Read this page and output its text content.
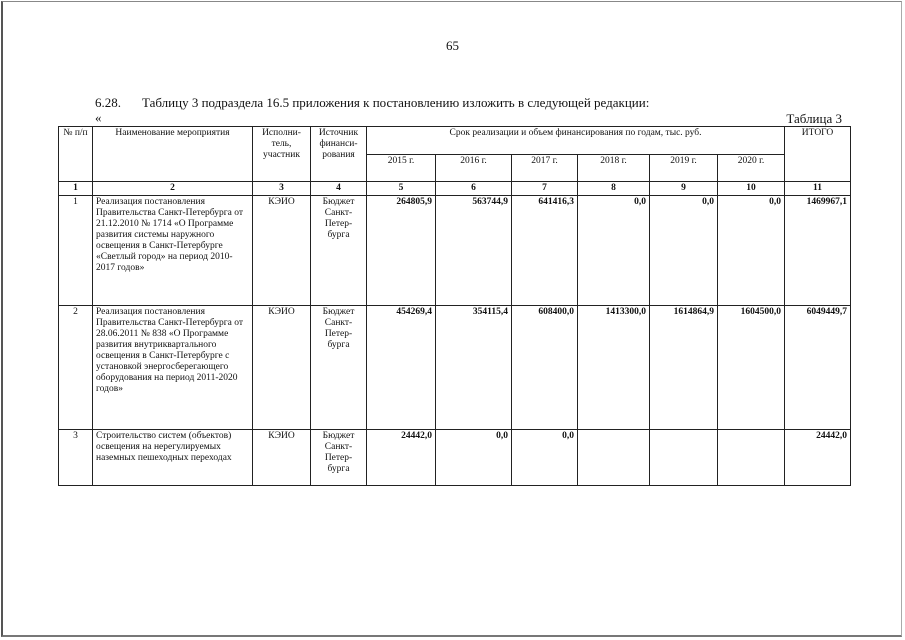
65
6.28. Таблицу 3 подраздела 16.5 приложения к постановлению изложить в следующей редакции:
«	Таблица 3
№ п/п	Наименование мероприятия	Исполни-тель, участник	Источник финанси-рования	Срок реализации и объем финансирования по годам, тыс. руб.						ИТОГО
				2015 г.	2016 г.	2017 г.	2018 г.	2019 г.	2020 г.	
1	2	3	4	5	6	7	8	9	10	11
1	Реализация постановления Правительства Санкт-Петербурга от 21.12.2010 № 1714 «О Программе развития системы наружного освещения в Санкт-Петербурге «Светлый город» на период 2010-2017 годов»	КЭИО	Бюджет Санкт-Петер-бурга	264805,9	563744,9	641416,3	0,0	0,0	0,0	1469967,1
2	Реализация постановления Правительства Санкт-Петербурга от 28.06.2011 № 838 «О Программе развития внутриквартального освещения в Санкт-Петербурге с установкой энергосберегающего оборудования на период 2011-2020 годов»	КЭИО	Бюджет Санкт-Петер-бурга	454269,4	354115,4	608400,0	1413300,0	1614864,9	1604500,0	6049449,7
3	Строительство систем (объектов) освещения на нерегулируемых наземных пешеходных переходах	КЭИО	Бюджет Санкт-Петер-бурга	24442,0	0,0	0,0				24442,0
